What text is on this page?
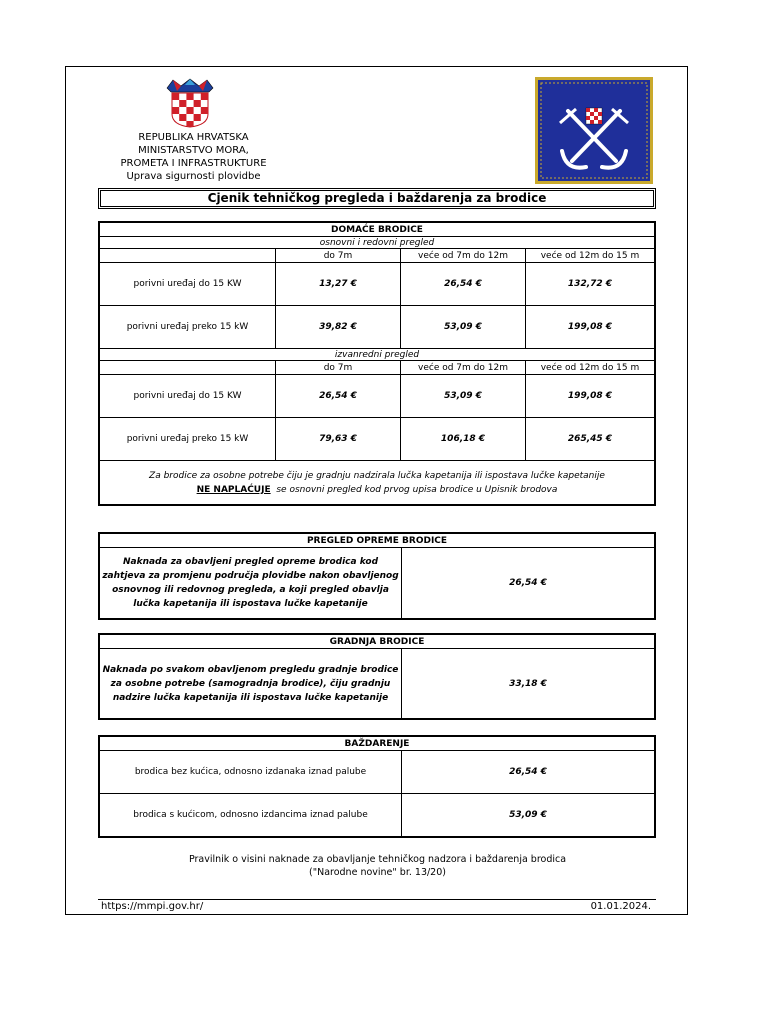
REPUBLIKA HRVATSKA
MINISTARSTVO MORA,
PROMETA I INFRASTRUKTURE
Uprava sigurnosti plovidbe
Cjenik tehničkog pregleda i baždarenja za brodice
DOMAĆE BRODICE			
osnovni i redovni pregled			
	do 7m	veće od 7m do 12m	veće od 12m do 15 m
porivni uređaj do 15 KW	13,27 €	26,54 €	132,72 €
porivni uređaj preko 15 kW	39,82 €	53,09 €	199,08 €
izvanredni pregled			
	do 7m	veće od 7m do 12m	veće od 12m do 15 m
porivni uređaj do 15 KW	26,54 €	53,09 €	199,08 €
porivni uređaj preko 15 kW	79,63 €	106,18 €	265,45 €

Za brodice za osobne potrebe čiju je gradnju nadzirala lučka kapetanija ili ispostava lučke kapetanije
NE NAPLAĆUJE se osnovni pregled kod prvog upisa brodice u Upisnik brodova			
PREGLED OPREME BRODICE
Naknada za obavljeni pregled opreme brodica kod zahtjeva za promjenu područja plovidbe nakon obavljenog osnovnog ili redovnog pregleda, a koji pregled obavlja lučka kapetanija ili ispostava lučke kapetanije	26,54 €
GRADNJA BRODICE
Naknada po svakom obavljenom pregledu gradnje brodice za osobne potrebe (samogradnja brodice), čiju gradnju nadzire lučka kapetanija ili ispostava lučke kapetanije	33,18 €
BAŽDARENJE	
brodica bez kućica, odnosno izdanaka iznad palube	26,54 €
brodica s kućicom, odnosno izdancima iznad palube	53,09 €
Pravilnik o visini naknade za obavljanje tehničkog nadzora i baždarenja brodica
("Narodne novine" br. 13/20)
https://mmpi.gov.hr/	01.01.2024.
